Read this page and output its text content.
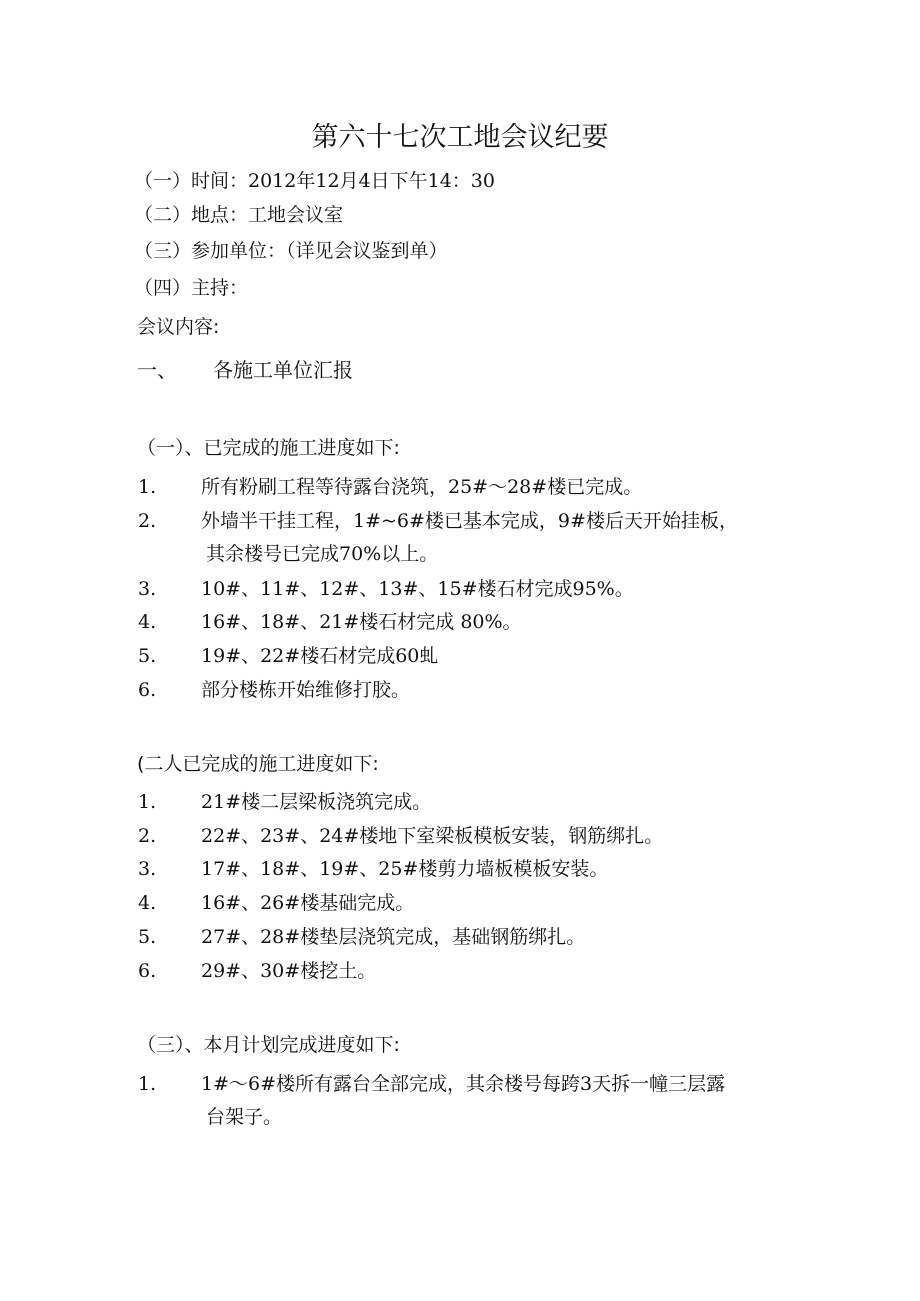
第六十七次工地会议纪要
（一）时间：2012年12月4日下午14：30
（二）地点：工地会议室
（三）参加单位：（详见会议鉴到单）
（四）主持：
会议内容:
一、 各施工单位汇报
（一）、已完成的施工进度如下:
1. 所有粉刷工程等待露台浇筑，25#～28#楼已完成。
2. 外墙半干挂工程，1#~6#楼已基本完成，9#楼后天开始挂板，
其余楼号已完成70%以上。
3. 10#、11#、12#、13#、15#楼石材完成95%。
4. 16#、18#、21#楼石材完成 80%。
5. 19#、22#楼石材完成60虬
6. 部分楼栋开始维修打胶。
(二人已完成的施工进度如下:
1. 21#楼二层梁板浇筑完成。
2. 22#、23#、24#楼地下室梁板模板安装，钢筋绑扎。
3. 17#、18#、19#、25#楼剪力墙板模板安装。
4. 16#、26#楼基础完成。
5. 27#、28#楼垫层浇筑完成，基础钢筋绑扎。
6. 29#、30#楼挖土。
（三）、本月计划完成进度如下:
1. 1#～6#楼所有露台全部完成，其余楼号每跨3天拆一幢三层露
台架子。
